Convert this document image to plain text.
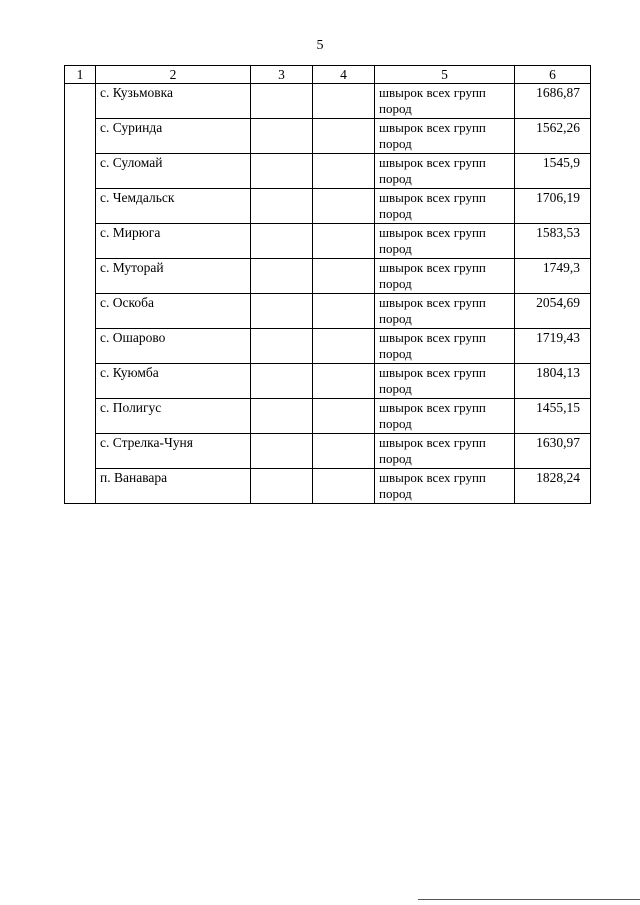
5
1	2	3	4	5	6
	с. Кузьмовка			швырок всех групп пород	1686,87
	с. Суринда			швырок всех групп пород	1562,26
	с. Суломай			швырок всех групп пород	1545,9
	с. Чемдальск			швырок всех групп пород	1706,19
	с. Мирюга			швырок всех групп пород	1583,53
	с. Муторай			швырок всех групп пород	1749,3
	с. Оскоба			швырок всех групп пород	2054,69
	с. Ошарово			швырок всех групп пород	1719,43
	с. Куюмба			швырок всех групп пород	1804,13
	с. Полигус			швырок всех групп пород	1455,15
	с. Стрелка-Чуня			швырок всех групп пород	1630,97
	п. Ванавара			швырок всех групп пород	1828,24
